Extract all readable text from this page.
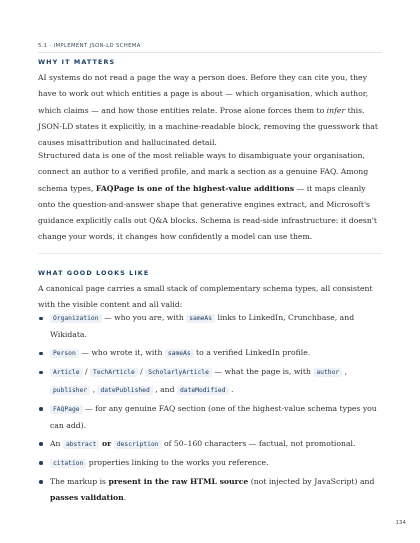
5.1 · IMPLEMENT JSON-LD SCHEMA
WHY IT MATTERS

AI systems do not read a page the way a person does. Before they can cite you, they have to work out which entities a page is about — which organisation, which author, which claims — and how those entities relate. Prose alone forces them to infer this. JSON-LD states it explicitly, in a machine-readable block, removing the guesswork that causes misattribution and hallucinated detail.

Structured data is one of the most reliable ways to disambiguate your organisation, connect an author to a verified profile, and mark a section as a genuine FAQ. Among schema types, FAQPage is one of the highest-value additions — it maps cleanly onto the question-and-answer shape that generative engines extract, and Microsoft's guidance explicitly calls out Q&A blocks. Schema is read-side infrastructure: it doesn't change your words, it changes how confidently a model can use them.

WHAT GOOD LOOKS LIKE

A canonical page carries a small stack of complementary schema types, all consistent with the visible content and all valid:

Organization — who you are, with sameAs links to LinkedIn, Crunchbase, and Wikidata.
Person — who wrote it, with sameAs to a verified LinkedIn profile.
Article / TechArticle / ScholarlyArticle — what the page is, with author , publisher , datePublished , and dateModified .
FAQPage — for any genuine FAQ section (one of the highest-value schema types you can add).
An abstract or description of 50–160 characters — factual, not promotional.
citation properties linking to the works you reference.
The markup is present in the raw HTML source (not injected by JavaScript) and passes validation.
134
